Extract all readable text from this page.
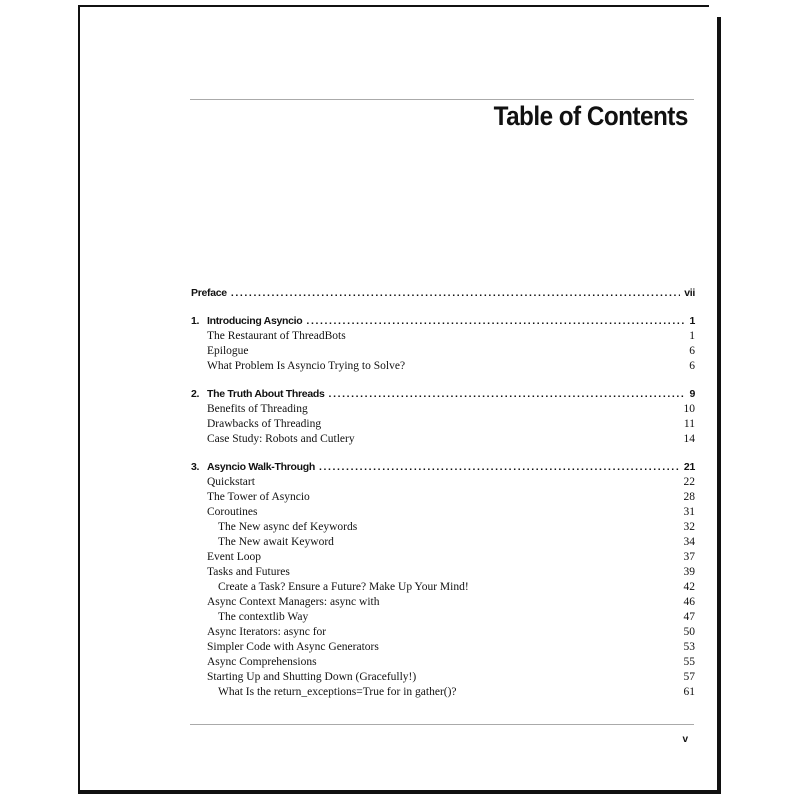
Table of Contents
Preface .....	vii
1. Introducing Asyncio .....	1
The Restaurant of ThreadBots	1
Epilogue	6
What Problem Is Asyncio Trying to Solve?	6
2. The Truth About Threads .....	9
Benefits of Threading	10
Drawbacks of Threading	11
Case Study: Robots and Cutlery	14
3. Asyncio Walk-Through .....	21
Quickstart	22
The Tower of Asyncio	28
Coroutines	31
The New async def Keywords	32
The New await Keyword	34
Event Loop	37
Tasks and Futures	39
Create a Task? Ensure a Future? Make Up Your Mind!	42
Async Context Managers: async with	46
The contextlib Way	47
Async Iterators: async for	50
Simpler Code with Async Generators	53
Async Comprehensions	55
Starting Up and Shutting Down (Gracefully!)	57
What Is the return_exceptions=True for in gather()?	61
v
